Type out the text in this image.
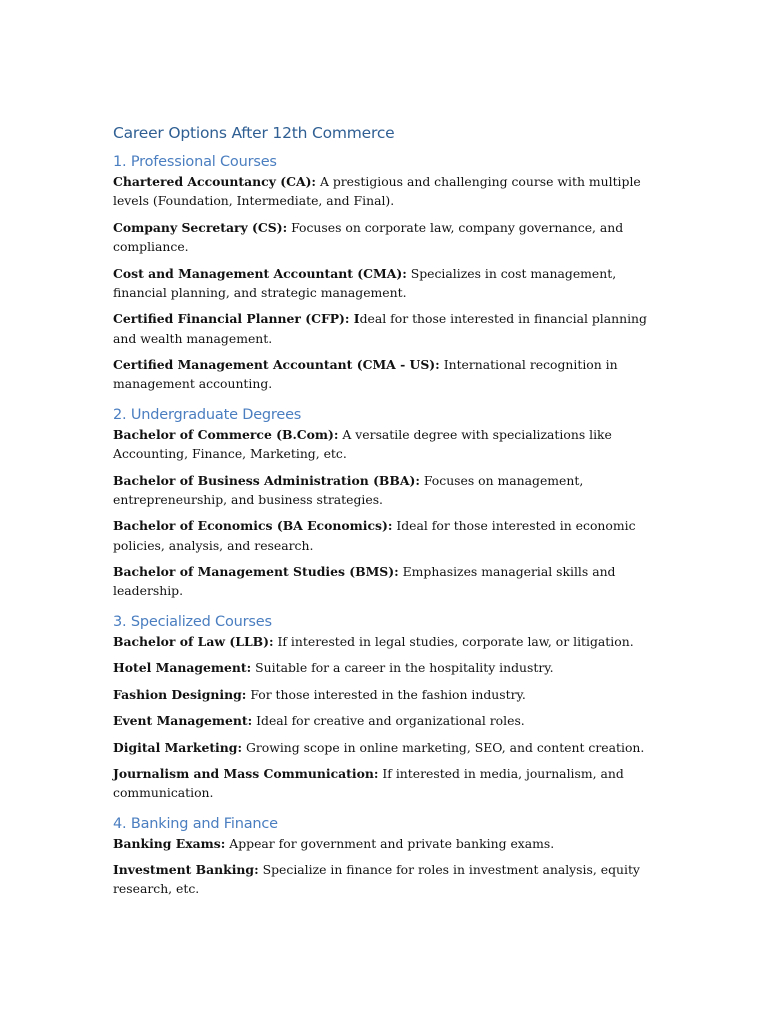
Career Options After 12th Commerce
1. Professional Courses

Chartered Accountancy (CA): A prestigious and challenging course with multiple levels (Foundation, Intermediate, and Final).

Company Secretary (CS): Focuses on corporate law, company governance, and compliance.

Cost and Management Accountant (CMA): Specializes in cost management, financial planning, and strategic management.

Certified Financial Planner (CFP): Ideal for those interested in financial planning and wealth management.

Certified Management Accountant (CMA - US): International recognition in management accounting.

2. Undergraduate Degrees

Bachelor of Commerce (B.Com): A versatile degree with specializations like Accounting, Finance, Marketing, etc.

Bachelor of Business Administration (BBA): Focuses on management, entrepreneurship, and business strategies.

Bachelor of Economics (BA Economics): Ideal for those interested in economic policies, analysis, and research.

Bachelor of Management Studies (BMS): Emphasizes managerial skills and leadership.

3. Specialized Courses

Bachelor of Law (LLB): If interested in legal studies, corporate law, or litigation.

Hotel Management: Suitable for a career in the hospitality industry.

Fashion Designing: For those interested in the fashion industry.

Event Management: Ideal for creative and organizational roles.

Digital Marketing: Growing scope in online marketing, SEO, and content creation.

Journalism and Mass Communication: If interested in media, journalism, and communication.

4. Banking and Finance

Banking Exams: Appear for government and private banking exams.

Investment Banking: Specialize in finance for roles in investment analysis, equity research, etc.
